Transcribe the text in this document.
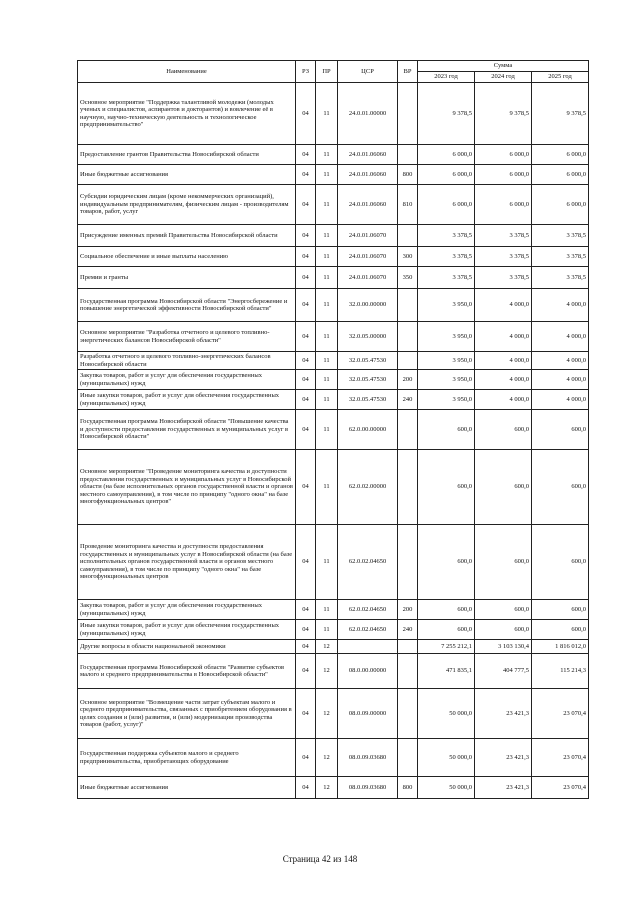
Наименование	РЗ	ПР	ЦСР	ВР	Сумма		
					2023 год	2024 год	2025 год
Основное мероприятие "Поддержка талантливой молодежи (молодых ученых и специалистов, аспирантов и докторантов) и вовлечение её в научную, научно-техническую деятельность и технологическое предпринимательство"	04	11	24.0.01.00000		9 378,5	9 378,5	9 378,5
Предоставление грантов Правительства Новосибирской области	04	11	24.0.01.06060		6 000,0	6 000,0	6 000,0
Иные бюджетные ассигнования	04	11	24.0.01.06060	800	6 000,0	6 000,0	6 000,0
Субсидии юридическим лицам (кроме некоммерческих организаций), индивидуальным предпринимателям, физическим лицам - производителям товаров, работ, услуг	04	11	24.0.01.06060	810	6 000,0	6 000,0	6 000,0
Присуждение именных премий Правительства Новосибирской области	04	11	24.0.01.06070		3 378,5	3 378,5	3 378,5
Социальное обеспечение и иные выплаты населению	04	11	24.0.01.06070	300	3 378,5	3 378,5	3 378,5
Премии и гранты	04	11	24.0.01.06070	350	3 378,5	3 378,5	3 378,5
Государственная программа Новосибирской области "Энергосбережение и повышение энергетической эффективности Новосибирской области"	04	11	32.0.00.00000		3 950,0	4 000,0	4 000,0
Основное мероприятие "Разработка отчетного и целевого топливно-энергетических балансов Новосибирской области"	04	11	32.0.05.00000		3 950,0	4 000,0	4 000,0
Разработка отчетного и целевого топливно-энергетических балансов Новосибирской области	04	11	32.0.05.47530		3 950,0	4 000,0	4 000,0
Закупка товаров, работ и услуг для обеспечения государственных (муниципальных) нужд	04	11	32.0.05.47530	200	3 950,0	4 000,0	4 000,0
Иные закупки товаров, работ и услуг для обеспечения государственных (муниципальных) нужд	04	11	32.0.05.47530	240	3 950,0	4 000,0	4 000,0
Государственная программа Новосибирской области "Повышение качества и доступности предоставления государственных и муниципальных услуг в Новосибирской области"	04	11	62.0.00.00000		600,0	600,0	600,0
Основное мероприятие "Проведение мониторинга качества и доступности предоставления государственных и муниципальных услуг в Новосибирской области (на базе исполнительных органов государственной власти и органов местного самоуправления), в том числе по принципу "одного окна" на базе многофункциональных центров"	04	11	62.0.02.00000		600,0	600,0	600,0
Проведение мониторинга качества и доступности предоставления государственных и муниципальных услуг в Новосибирской области (на базе исполнительных органов государственной власти и органов местного самоуправления), в том числе по принципу "одного окна" на базе многофункциональных центров	04	11	62.0.02.04650		600,0	600,0	600,0
Закупка товаров, работ и услуг для обеспечения государственных (муниципальных) нужд	04	11	62.0.02.04650	200	600,0	600,0	600,0
Иные закупки товаров, работ и услуг для обеспечения государственных (муниципальных) нужд	04	11	62.0.02.04650	240	600,0	600,0	600,0
Другие вопросы в области национальной экономики	04	12			7 255 212,1	3 103 130,4	1 816 012,0
Государственная программа Новосибирской области "Развитие субъектов малого и среднего предпринимательства в Новосибирской области"	04	12	08.0.00.00000		471 835,1	404 777,5	115 214,3
Основное мероприятие "Возмещение части затрат субъектам малого и среднего предпринимательства, связанных с приобретением оборудования в целях создания и (или) развития, и (или) модернизации производства товаров (работ, услуг)"	04	12	08.0.09.00000		50 000,0	23 421,3	23 070,4
Государственная поддержка субъектов малого и среднего предпринимательства, приобретающих оборудование	04	12	08.0.09.03680		50 000,0	23 421,3	23 070,4
Иные бюджетные ассигнования	04	12	08.0.09.03680	800	50 000,0	23 421,3	23 070,4
Страница 42 из 148
